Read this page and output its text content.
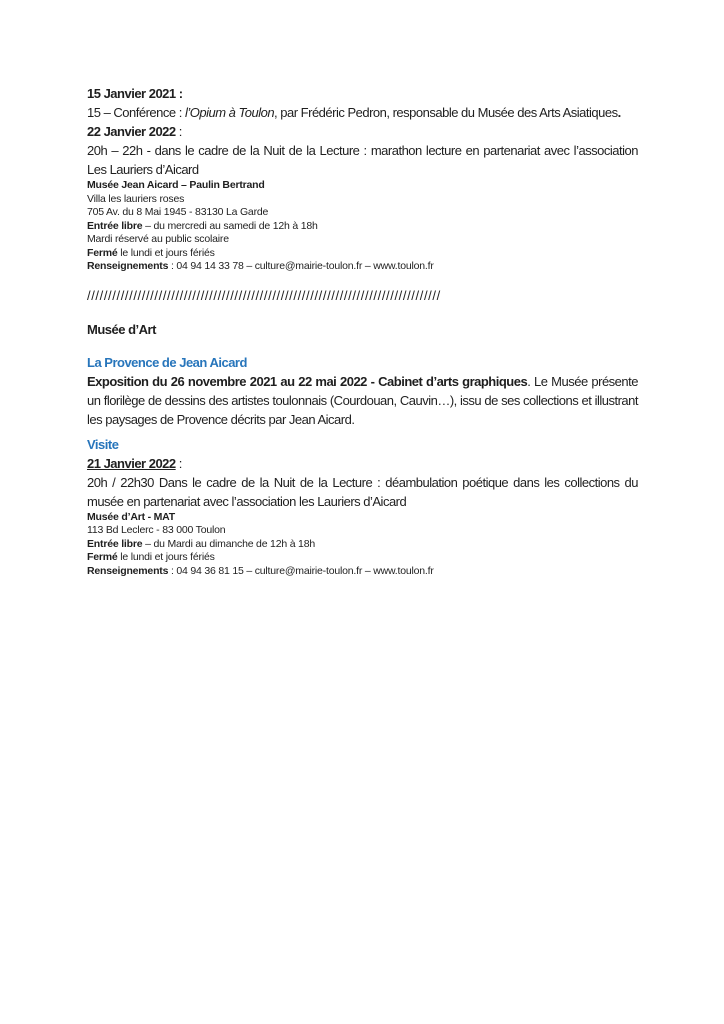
15 Janvier 2021 :

15 – Conférence : l’Opium à Toulon, par Frédéric Pedron, responsable du Musée des Arts Asiatiques.

22 Janvier 2022 :

20h – 22h - dans le cadre de la Nuit de la Lecture : marathon lecture en partenariat avec l’association Les Lauriers d’Aicard

Musée Jean Aicard – Paulin Bertrand

Villa les lauriers roses

705 Av. du 8 Mai 1945 - 83130 La Garde

Entrée libre – du mercredi au samedi de 12h à 18h

Mardi réservé au public scolaire

Fermé le lundi et jours fériés

Renseignements : 04 94 14 33 78 – culture@mairie-toulon.fr – www.toulon.fr

////////////////////////////////////////////////////////////////////////////////////

Musée d’Art

La Provence de Jean Aicard

Exposition du 26 novembre 2021 au 22 mai 2022 - Cabinet d’arts graphiques. Le Musée présente un florilège de dessins des artistes toulonnais (Courdouan, Cauvin…), issu de ses collections et illustrant les paysages de Provence décrits par Jean Aicard.

Visite

21 Janvier 2022 :

20h / 22h30 Dans le cadre de la Nuit de la Lecture : déambulation poétique dans les collections du musée en partenariat avec l’association les Lauriers d’Aicard

Musée d’Art - MAT

113 Bd Leclerc - 83 000 Toulon

Entrée libre – du Mardi au dimanche de 12h à 18h

Fermé le lundi et jours fériés

Renseignements : 04 94 36 81 15 – culture@mairie-toulon.fr – www.toulon.fr
